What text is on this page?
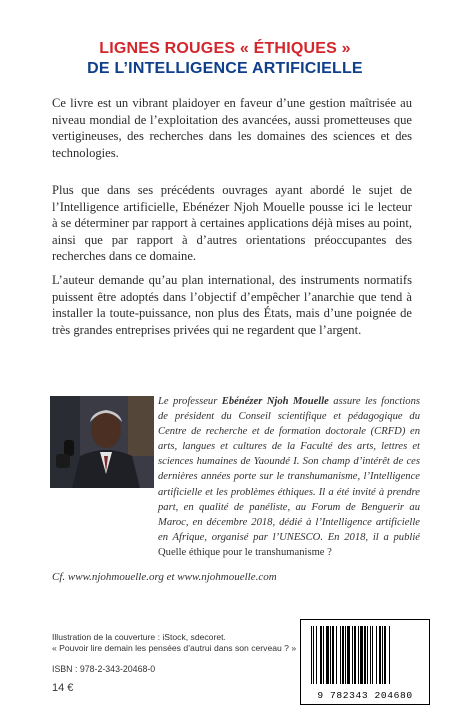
LIGNES ROUGES « ÉTHIQUES »
DE L’INTELLIGENCE ARTIFICIELLE
Ce livre est un vibrant plaidoyer en faveur d’une gestion maîtrisée au niveau mondial de l’exploitation des avancées, aussi prometteuses que vertigineuses, des recherches dans les domaines des sciences et des technologies.
Plus que dans ses précédents ouvrages ayant abordé le sujet de l’Intelligence artificielle, Ebénézer Njoh Mouelle pousse ici le lecteur à se déterminer par rapport à certaines applications déjà mises au point, ainsi que par rapport à d’autres orientations préoccupantes des recherches dans ce domaine.
L’auteur demande qu’au plan international, des instruments normatifs puissent être adoptés dans l’objectif d’empêcher l’anarchie que tend à installer la toute-puissance, non plus des États, mais d’une poignée de très grandes entreprises privées qui ne regardent que l’argent.
Le professeur Ebénézer Njoh Mouelle assure les fonctions de président du Conseil scientifique et pédagogique du Centre de recherche et de formation doctorale (CRFD) en arts, langues et cultures de la Faculté des arts, lettres et sciences humaines de Yaoundé I. Son champ d’intérêt de ces dernières années porte sur le transhumanisme, l’Intelligence artificielle et les problèmes éthiques. Il a été invité à prendre part, en qualité de panéliste, au Forum de Benguerir au Maroc, en décembre 2018, dédié à l’Intelligence artificielle en Afrique, organisé par l’UNESCO. En 2018, il a publié Quelle éthique pour le transhumanisme ?
Cf. www.njohmouelle.org et www.njohmouelle.com
Illustration de la couverture : iStock, sdecoret.
« Pouvoir lire demain les pensées d’autrui dans son cerveau ? »
ISBN : 978-2-343-20468-0
14 €
9 782343 204680
